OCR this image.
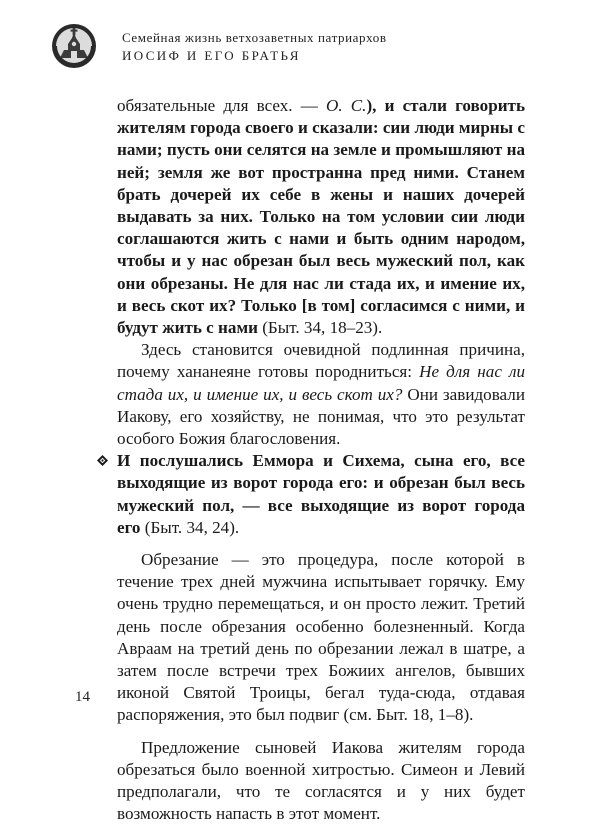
Семейная жизнь ветхозаветных патриархов
ИОСИФ И ЕГО БРАТЬЯ

обязательные для всех. — О. С.), и стали говорить жителям города своего и сказали: сии люди мирны с нами; пусть они селятся на земле и промышляют на ней; земля же вот пространна пред ними. Станем брать дочерей их себе в жены и наших дочерей выдавать за них. Только на том условии сии люди соглашаются жить с нами и быть одним народом, чтобы и у нас обрезан был весь мужеский пол, как они обрезаны. Не для нас ли стада их, и имение их, и весь скот их? Только [в том] согласимся с ними, и будут жить с нами (Быт. 34, 18–23).

Здесь становится очевидной подлинная причина, почему хананеяне готовы породниться: Не для нас ли стада их, и имение их, и весь скот их? Они завидовали Иакову, его хозяйству, не понимая, что это результат особого Божия благословения.

И послушались Еммора и Сихема, сына его, все выходящие из ворот города его: и обрезан был весь мужеский пол, — все выходящие из ворот города его (Быт. 34, 24).

Обрезание — это процедура, после которой в течение трех дней мужчина испытывает горячку. Ему очень трудно перемещаться, и он просто лежит. Третий день после обрезания особенно болезненный. Когда Авраам на третий день по обрезании лежал в шатре, а затем после встречи трех Божиих ангелов, бывших иконой Святой Троицы, бегал туда-сюда, отдавая распоряжения, это был подвиг (см. Быт. 18, 1–8).

Предложение сыновей Иакова жителям города обрезаться было военной хитростью. Симеон и Левий предполагали, что те согласятся и у них будет возможность напасть в этот момент.

14
